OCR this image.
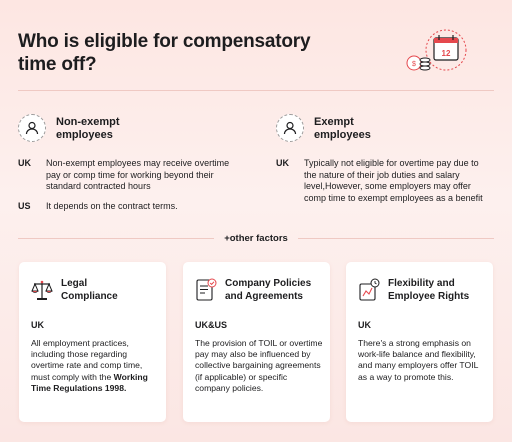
Who is eligible for compensatory time off?
12
$
Non-exempt employees
UK	Non-exempt employees may receive overtime pay or comp time for working beyond their standard contracted hours
US	It depends on the contract terms.
Exempt employees
UK	Typically not eligible for overtime pay due to the nature of their job duties and salary level,However, some employers may offer comp time to exempt employees as a benefit
+other factors
Legal Compliance
UK
All employment practices, including those regarding overtime rate and comp time, must comply with the Working Time Regulations 1998.
Company Policies and Agreements
UK&US
The provision of TOIL or overtime pay may also be influenced by collective bargaining agreements (if applicable) or specific company policies.
Flexibility and Employee Rights
UK
There's a strong emphasis on work-life balance and flexibility, and many employers offer TOIL as a way to promote this.
